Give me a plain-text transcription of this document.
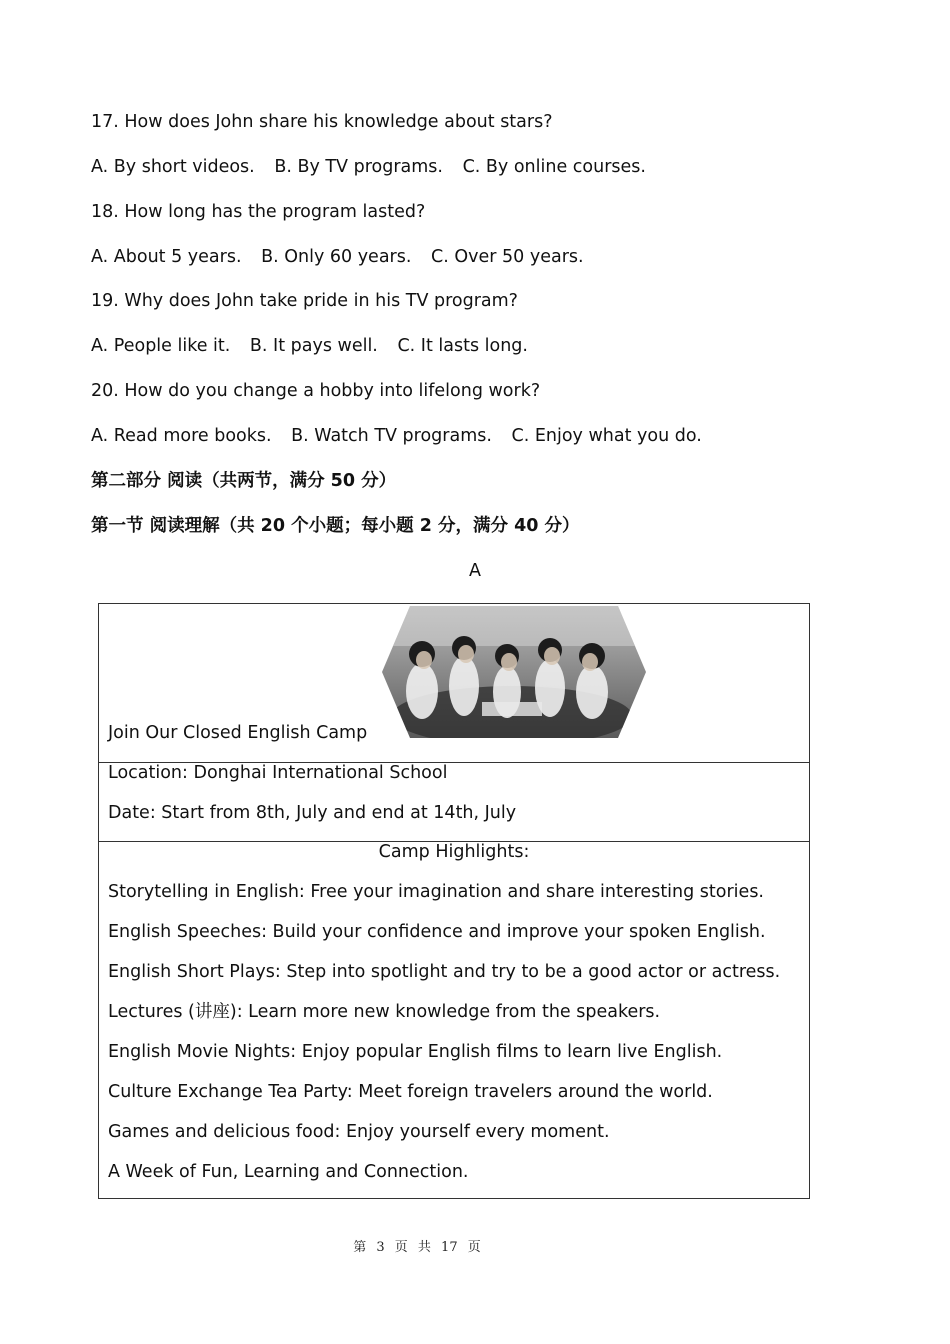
17. How does John share his knowledge about stars?
A. By short videos. B. By TV programs. C. By online courses.
18. How long has the program lasted?
A. About 5 years. B. Only 60 years. C. Over 50 years.
19. Why does John take pride in his TV program?
A. People like it. B. It pays well. C. It lasts long.
20. How do you change a hobby into lifelong work?
A. Read more books. B. Watch TV programs. C. Enjoy what you do.
第二部分 阅读（共两节，满分 50 分）
第一节 阅读理解（共 20 个小题；每小题 2 分，满分 40 分）
A
Join Our Closed English Camp

Location: Donghai International School
Date: Start from 8th, July and end at 14th, July

Camp Highlights:
Storytelling in English: Free your imagination and share interesting stories.
English Speeches: Build your confidence and improve your spoken English.
English Short Plays: Step into spotlight and try to be a good actor or actress.
Lectures (讲座): Learn more new knowledge from the speakers.
English Movie Nights: Enjoy popular English films to learn live English.
Culture Exchange Tea Party: Meet foreign travelers around the world.
Games and delicious food: Enjoy yourself every moment.
A Week of Fun, Learning and Connection.
第 3 页 共 17 页
